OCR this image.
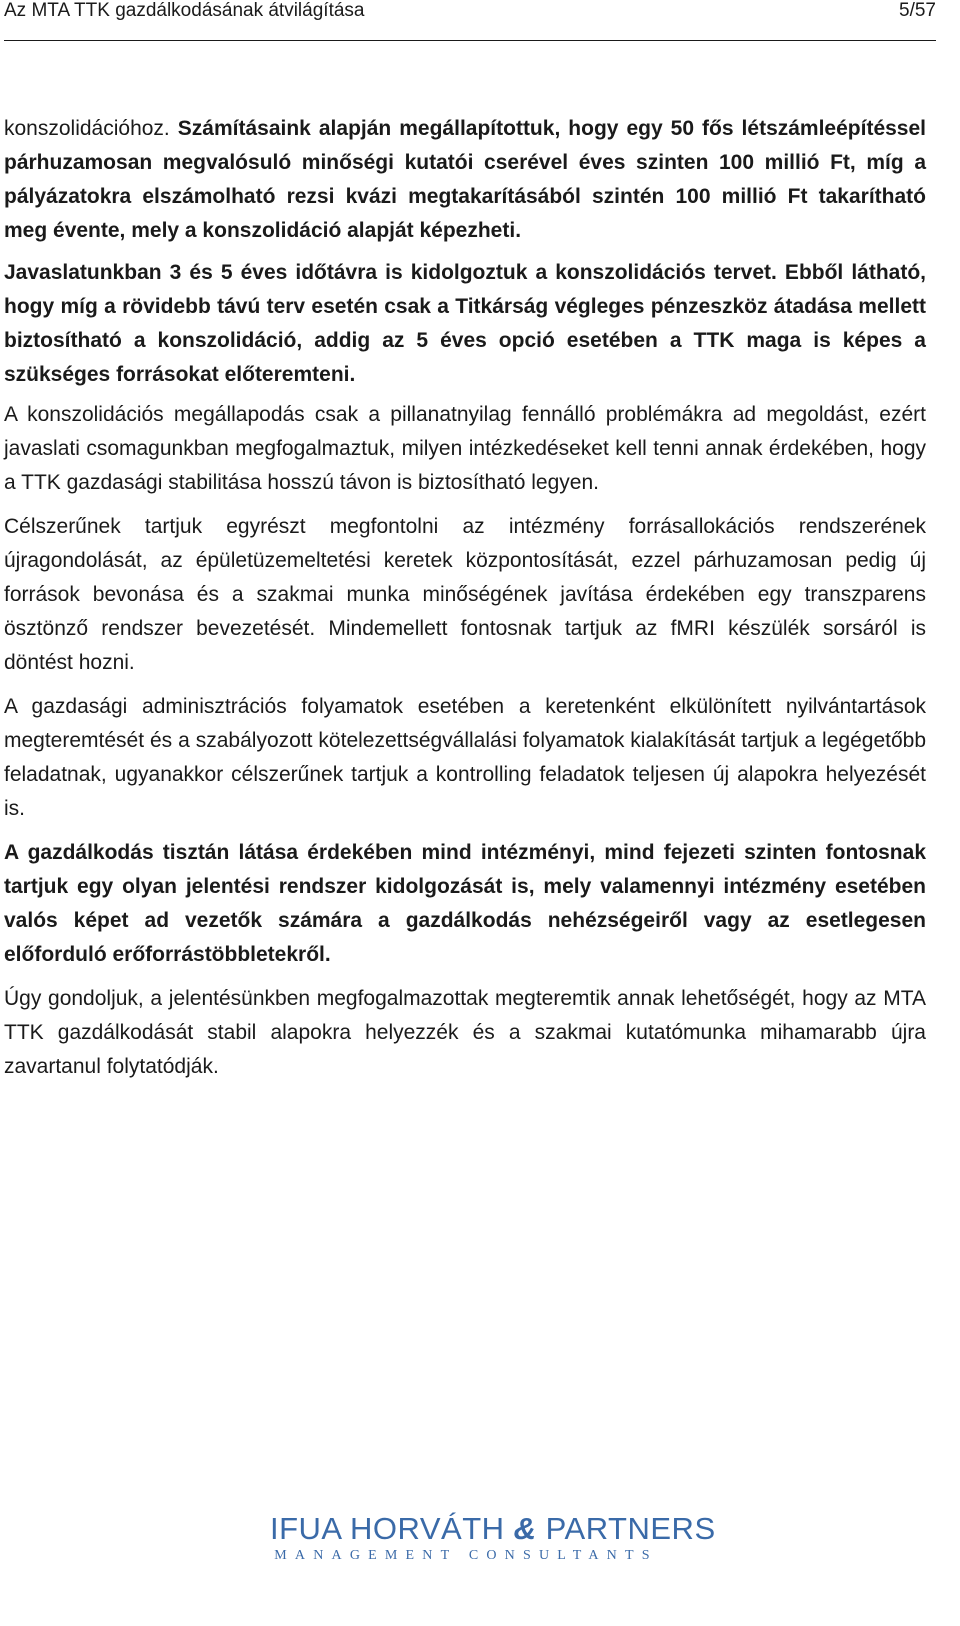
Az MTA TTK gazdálkodásának átvilágítása	5/57

konszolidációhoz. Számításaink alapján megállapítottuk, hogy egy 50 fős létszámleépítéssel párhuzamosan megvalósuló minőségi kutatói cserével éves szinten 100 millió Ft, míg a pályázatokra elszámolható rezsi kvázi megtakarításából szintén 100 millió Ft takarítható meg évente, mely a konszolidáció alapját képezheti.

Javaslatunkban 3 és 5 éves időtávra is kidolgoztuk a konszolidációs tervet. Ebből látható, hogy míg a rövidebb távú terv esetén csak a Titkárság végleges pénzeszköz átadása mellett biztosítható a konszolidáció, addig az 5 éves opció esetében a TTK maga is képes a szükséges forrásokat előteremteni.

A konszolidációs megállapodás csak a pillanatnyilag fennálló problémákra ad megoldást, ezért javaslati csomagunkban megfogalmaztuk, milyen intézkedéseket kell tenni annak érdekében, hogy a TTK gazdasági stabilitása hosszú távon is biztosítható legyen.

Célszerűnek tartjuk egyrészt megfontolni az intézmény forrásallokációs rendszerének újragondolását, az épületüzemeltetési keretek központosítását, ezzel párhuzamosan pedig új források bevonása és a szakmai munka minőségének javítása érdekében egy transzparens ösztönző rendszer bevezetését. Mindemellett fontosnak tartjuk az fMRI készülék sorsáról is döntést hozni.

A gazdasági adminisztrációs folyamatok esetében a keretenként elkülönített nyilvántartások megteremtését és a szabályozott kötelezettségvállalási folyamatok kialakítását tartjuk a legégetőbb feladatnak, ugyanakkor célszerűnek tartjuk a kontrolling feladatok teljesen új alapokra helyezését is.

A gazdálkodás tisztán látása érdekében mind intézményi, mind fejezeti szinten fontosnak tartjuk egy olyan jelentési rendszer kidolgozását is, mely valamennyi intézmény esetében valós képet ad vezetők számára a gazdálkodás nehézségeiről vagy az esetlegesen előforduló erőforrástöbbletekről.

Úgy gondoljuk, a jelentésünkben megfogalmazottak megteremtik annak lehetőségét, hogy az MTA TTK gazdálkodását stabil alapokra helyezzék és a szakmai kutatómunka mihamarabb újra zavartanul folytatódják.

IFUA HORVÁTH & PARTNERS
MANAGEMENT CONSULTANTS
